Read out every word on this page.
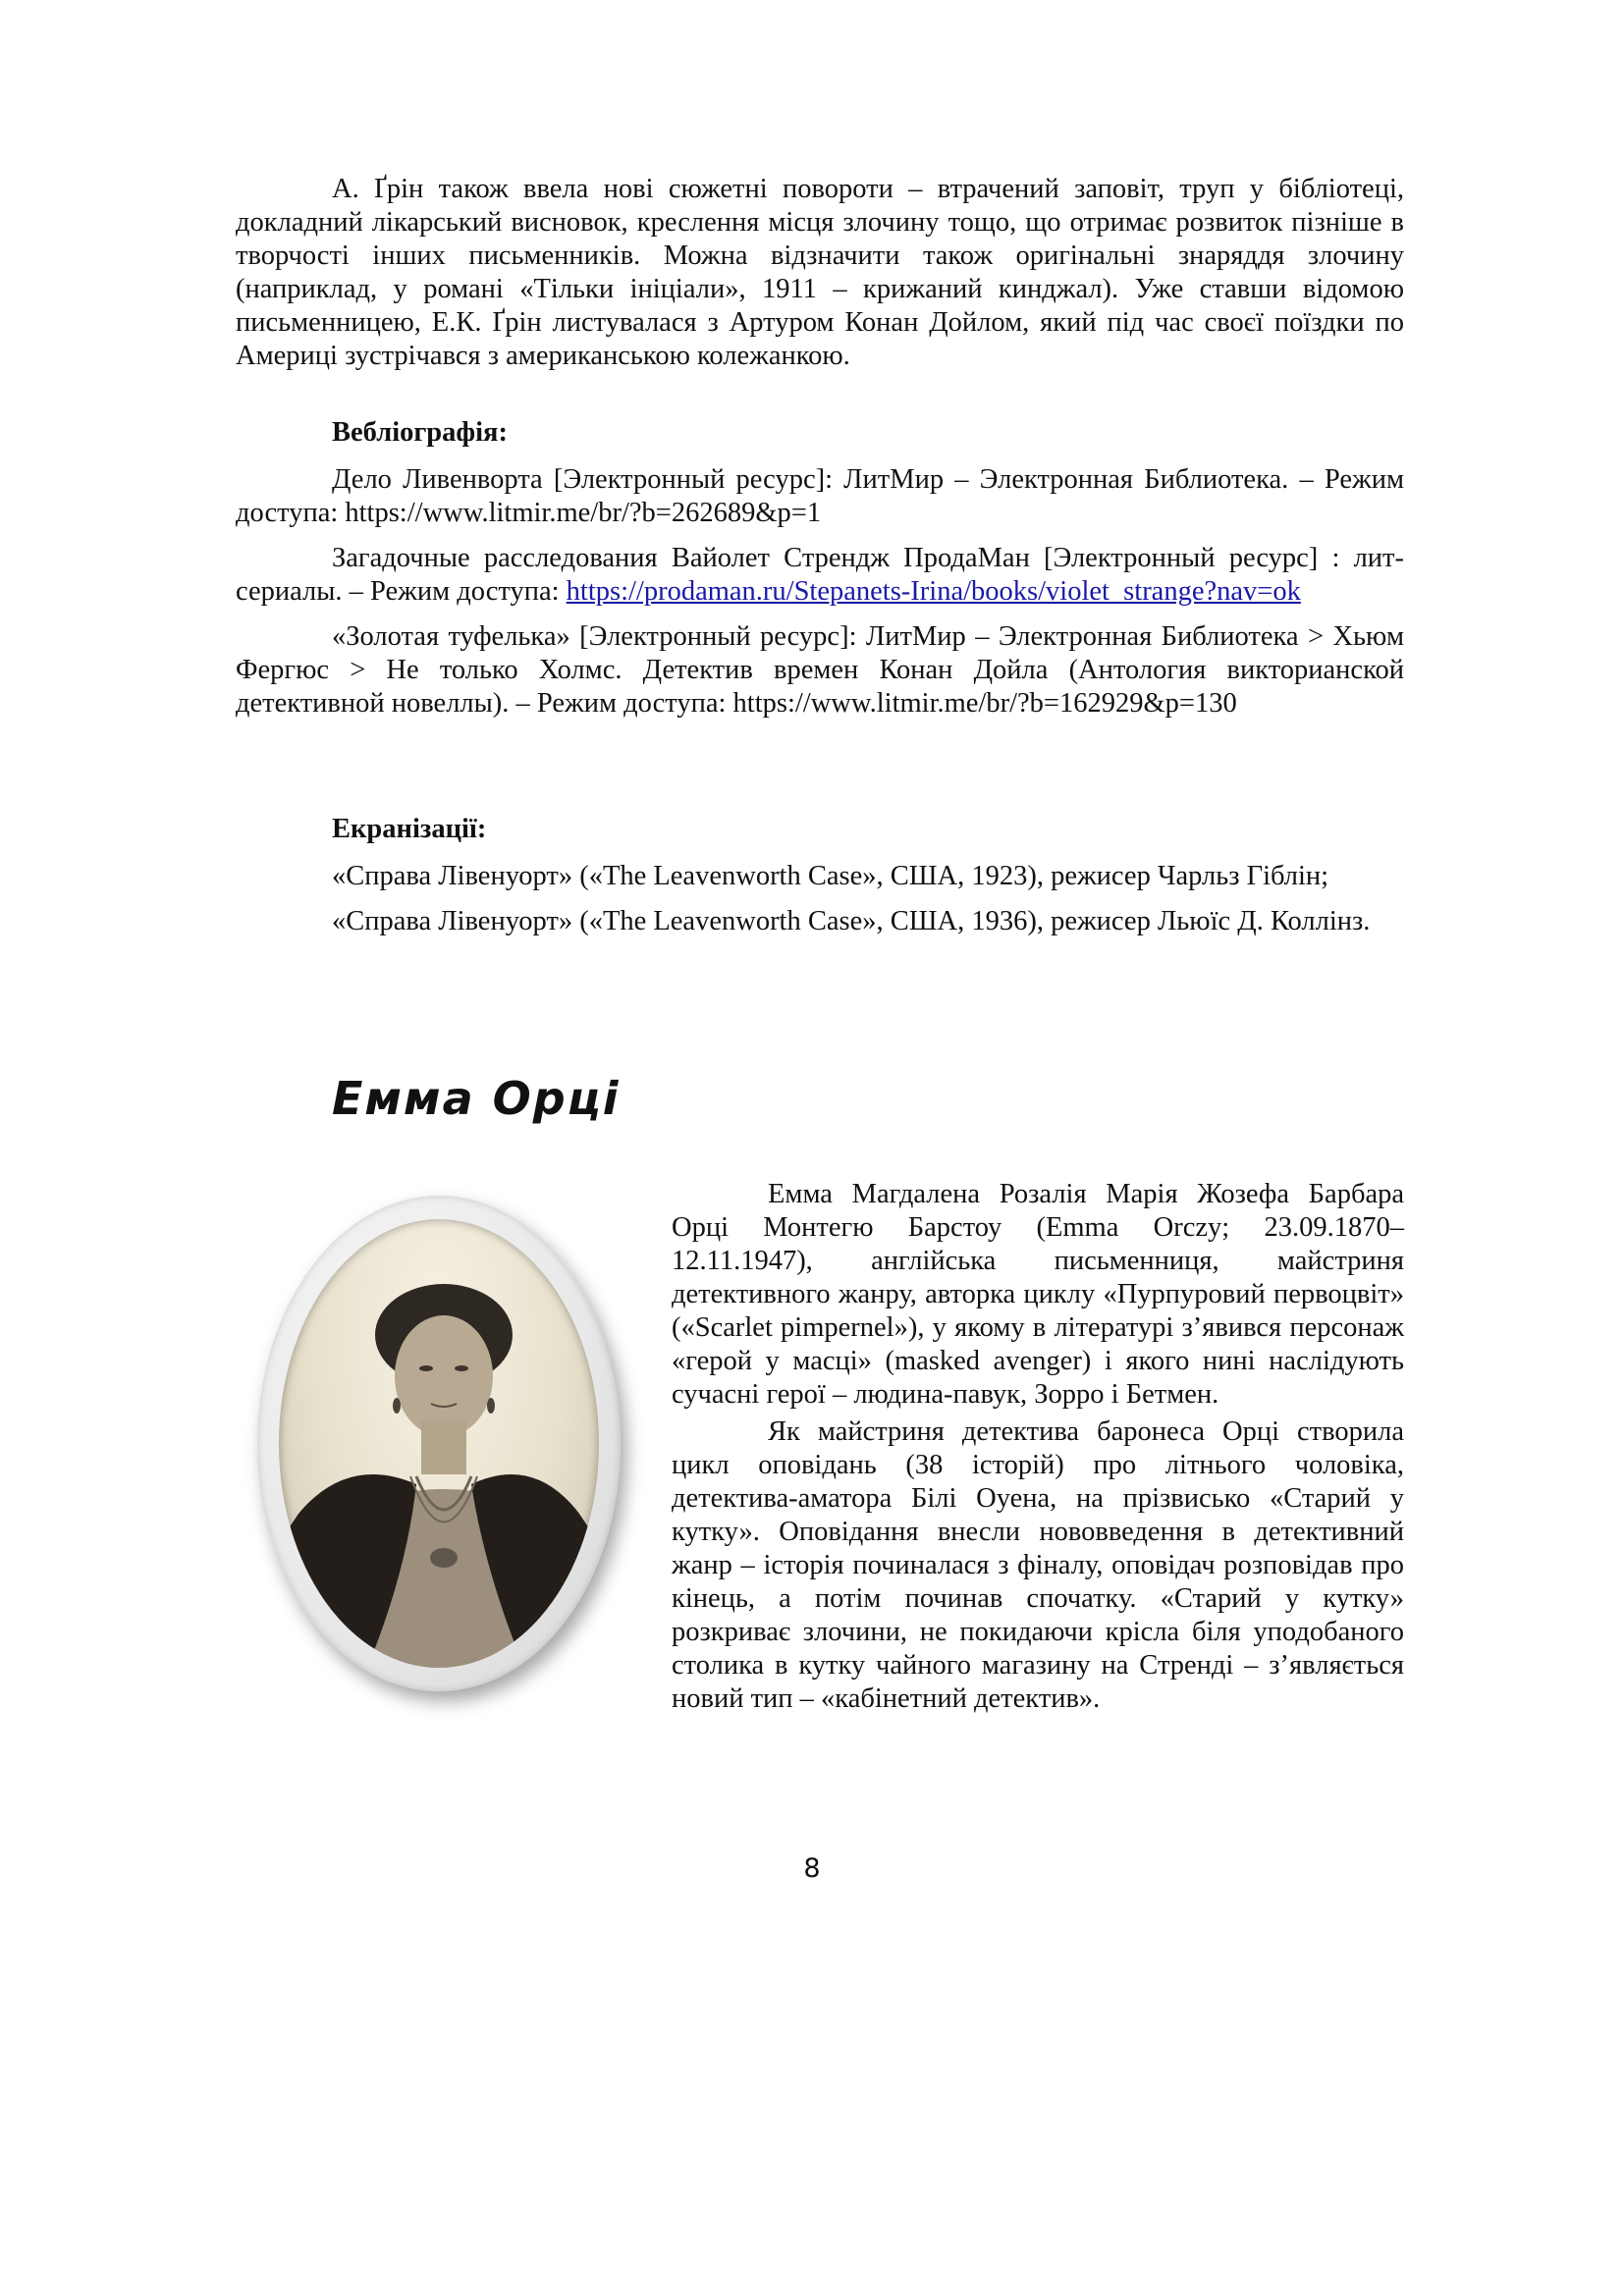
А. Ґрін також ввела нові сюжетні повороти – втрачений заповіт, труп у бібліотеці, докладний лікарський висновок, креслення місця злочину тощо, що отримає розвиток пізніше в творчості інших письменників. Можна відзначити також оригінальні знаряддя злочину (наприклад, у романі «Тільки ініціали», 1911 – крижаний кинджал). Уже ставши відомою письменницею, Е.К. Ґрін листувалася з Артуром Конан Дойлом, який під час своєї поїздки по Америці зустрічався з американською колежанкою.

Вебліографія:

Дело Ливенворта [Электронный ресурс]: ЛитМир – Электронная Библиотека. – Режим доступа: https://www.litmir.me/br/?b=262689&p=1

Загадочные расследования Вайолет Стрендж ПродаМан [Электронный ресурс] : лит-сериалы. – Режим доступа: https://prodaman.ru/Stepanets-Irina/books/violet_strange?nav=ok

«Золотая туфелька» [Электронный ресурс]: ЛитМир – Электронная Библиотека > Хьюм Фергюс > Не только Холмс. Детектив времен Конан Дойла (Антология викторианской детективной новеллы). – Режим доступа: https://www.litmir.me/br/?b=162929&p=130

Екранізації:

«Справа Лівенуорт» («The Leavenworth Case», США, 1923), режисер Чарльз Гіблін;

«Справа Лівенуорт» («The Leavenworth Case», США, 1936), режисер Льюїс Д. Коллінз.

Емма Орці

Емма Магдалена Розалія Марія Жозефа Барбара Орці Монтегю Барстоу (Emma Orczy; 23.09.1870–12.11.1947), англійська письменниця, майстриня детективного жанру, авторка циклу «Пурпуровий первоцвіт» («Scarlet pimpernel»), у якому в літературі з’явився персонаж «герой у масці» (masked avenger) і якого нині наслідують сучасні герої – людина-павук, Зорро і Бетмен.

Як майстриня детектива баронеса Орці створила цикл оповідань (38 історій) про літнього чоловіка, детектива-аматора Білі Оуена, на прізвисько «Старий у кутку». Оповідання внесли нововведення в детективний жанр – історія починалася з фіналу, оповідач розповідав про кінець, а потім починав спочатку. «Старий у кутку» розкриває злочини, не покидаючи крісла біля уподобаного столика в кутку чайного магазину на Стренді – з’являється новий тип – «кабінетний детектив».

8
